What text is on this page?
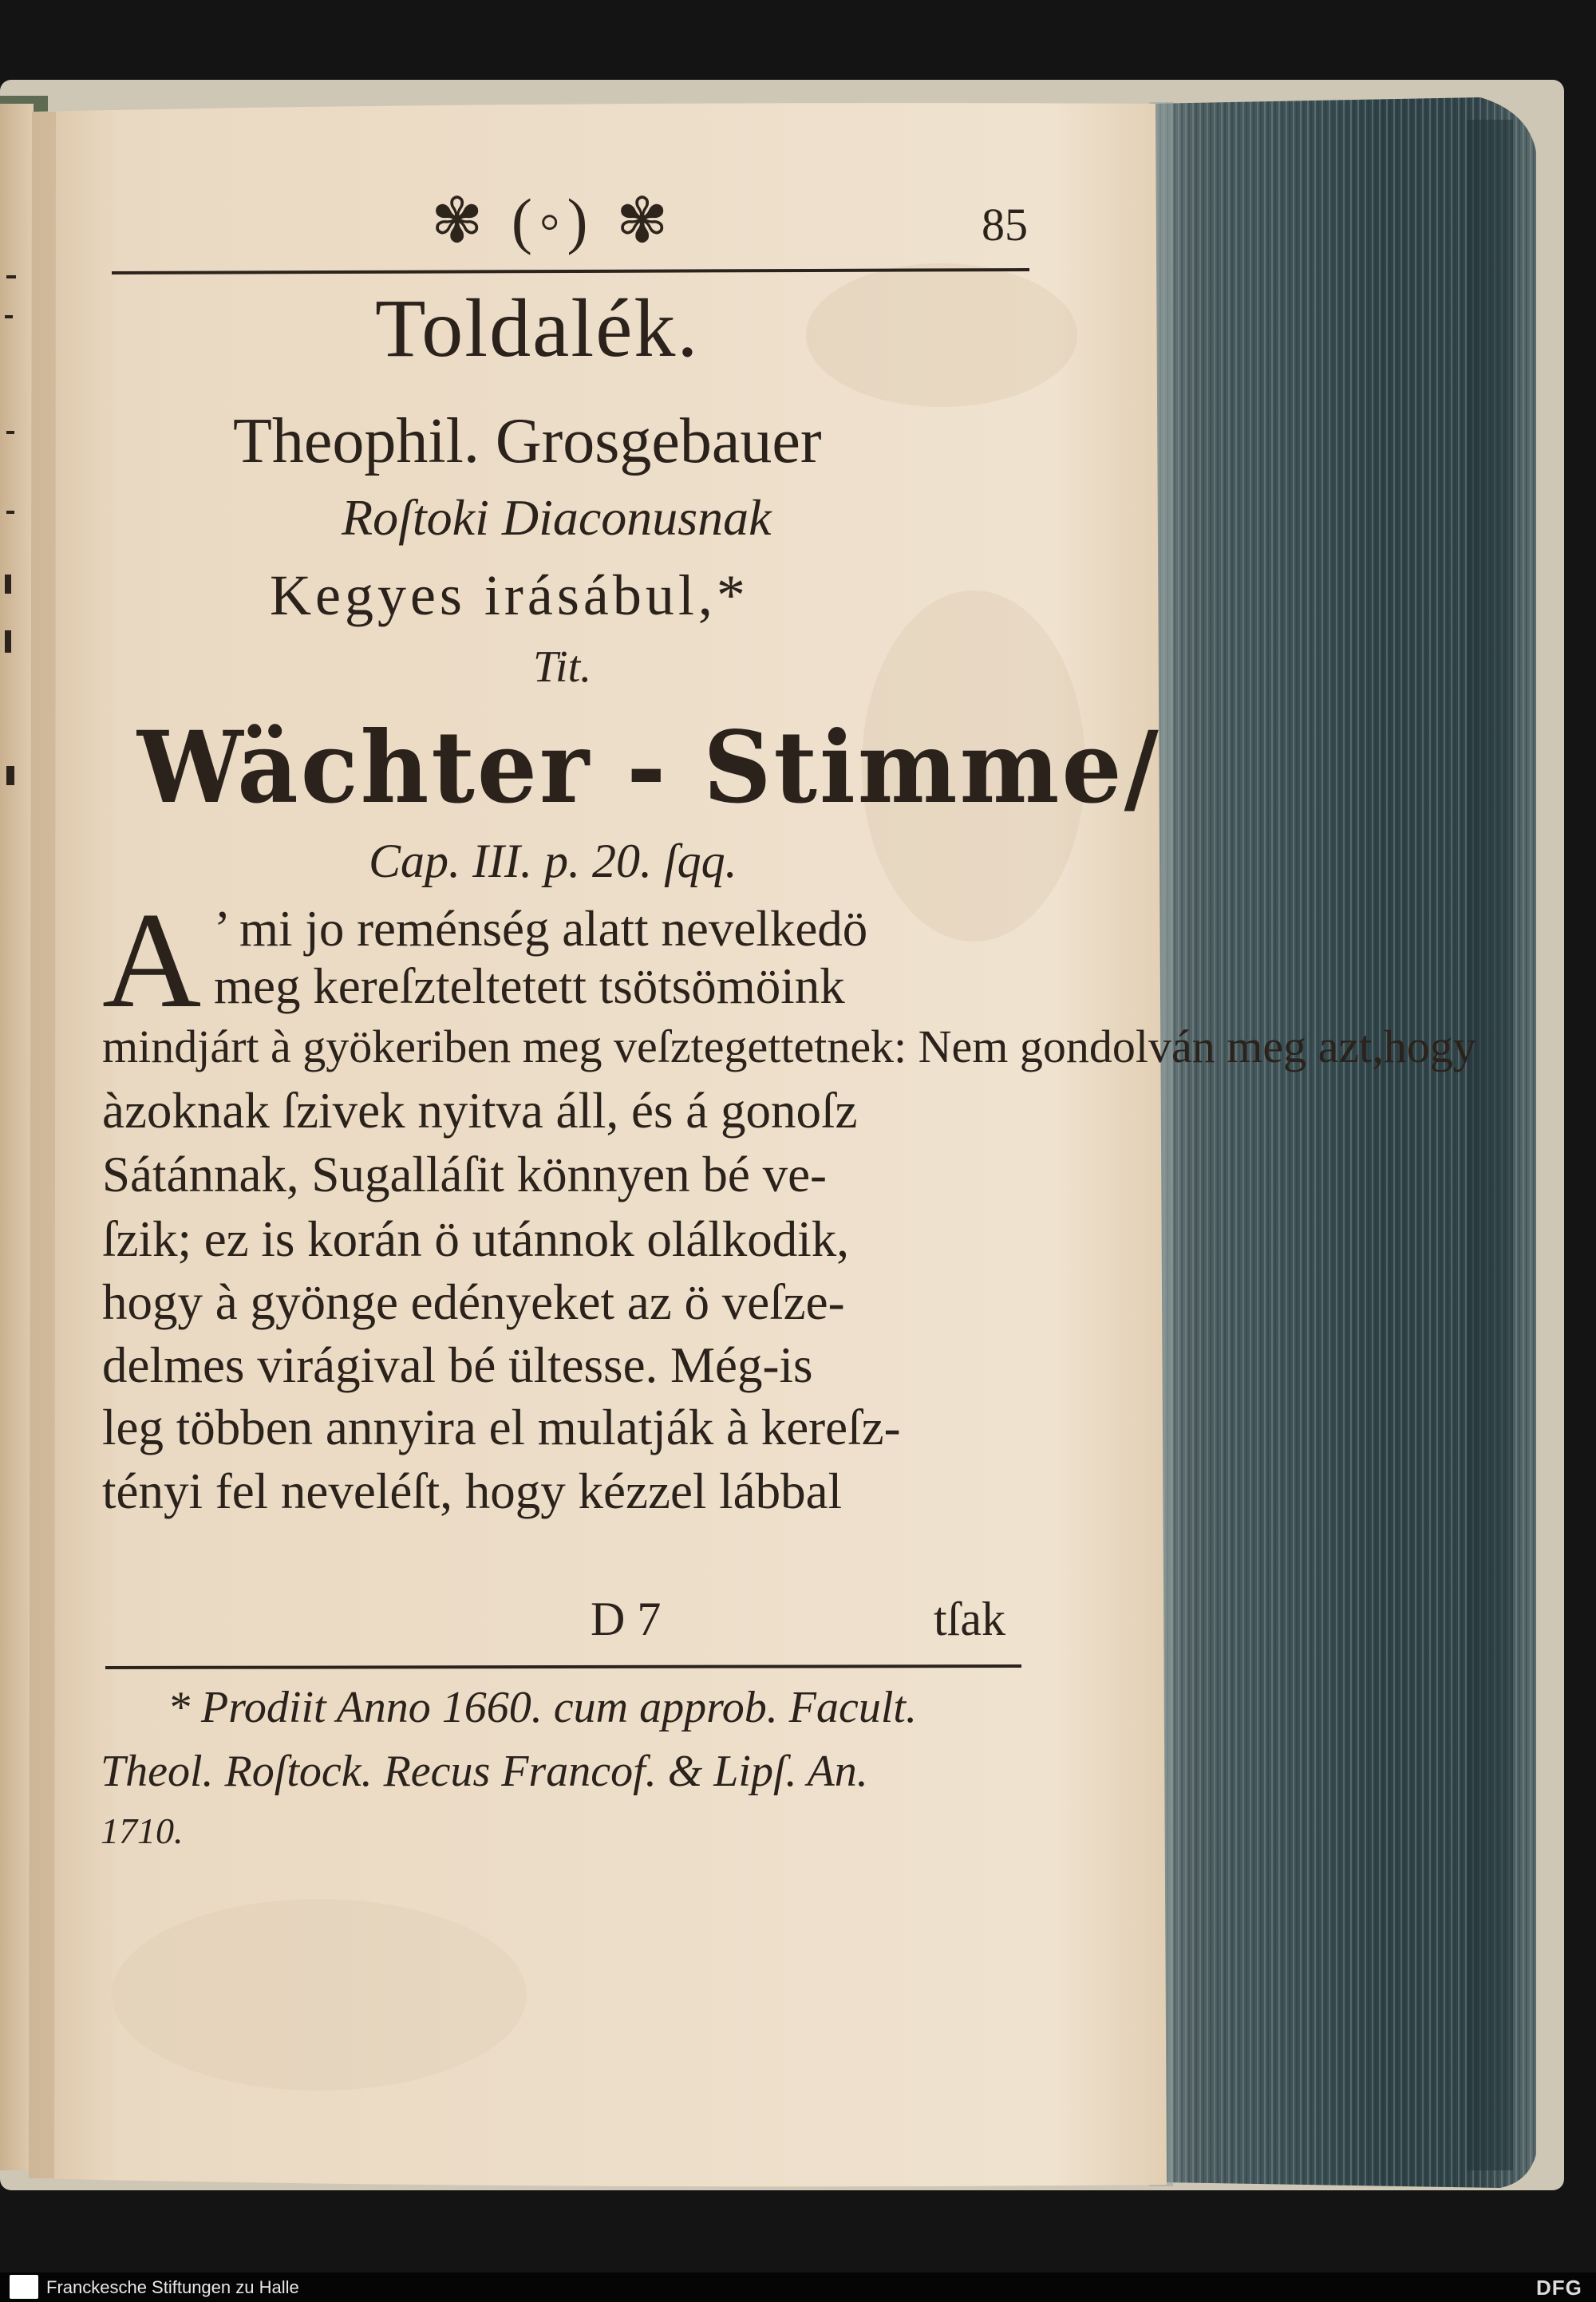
✾ (◦) ✾	85
Toldalék.
Theophil. Grosgebauer
Roſtoki Diaconusnak
Kegyes irásábul,*
Tit.
Wächter - Stimme/
Cap. III. p. 20. ſqq.
A ’ mi jo reménség alatt nevelkedö
meg kereſzteltetett tsötsömöink
mindjárt à gyökeriben meg veſztegettetnek: Nem gondolván meg azt,hogy
àzoknak ſzivek nyitva áll, és á gonoſz
Sátánnak, Sugalláſit könnyen bé ve-
ſzik; ez is korán ö utánnok olálkodik,
hogy à gyönge edényeket az ö veſze-
delmes virágival bé ültesse. Még-is
leg többen annyira el mulatják à kereſz-
tényi fel neveléſt, hogy kézzel lábbal
D 7	tſak
* Prodiit Anno 1660. cum approb. Facult.
Theol. Roſtock. Recus Francof. & Lipſ. An.
1710.
Franckesche Stiftungen zu Halle	DFG
